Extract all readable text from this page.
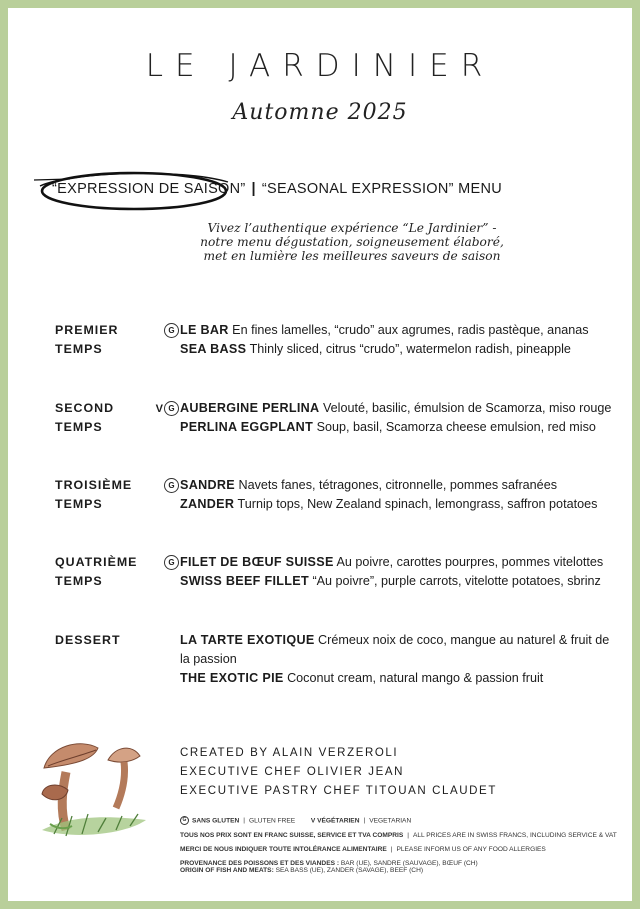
LE JARDINIER
Automne 2025
“EXPRESSION DE SAISON” | “SEASONAL EXPRESSION” MENU
Vivez l’authentique expérience “Le Jardinier” -
notre menu dégustation, soigneusement élaboré,
met en lumière les meilleures saveurs de saison
PREMIER
TEMPS
G LE BAR En fines lamelles, “crudo” aux agrumes, radis pastèque, ananas
SEA BASS Thinly sliced, citrus “crudo”, watermelon radish, pineapple
SECOND
TEMPS
V G AUBERGINE PERLINA Velouté, basilic, émulsion de Scamorza, miso rouge
PERLINA EGGPLANT Soup, basil, Scamorza cheese emulsion, red miso
TROISIÈME
TEMPS
G SANDRE Navets fanes, tétragones, citronnelle, pommes safranées
ZANDER Turnip tops, New Zealand spinach, lemongrass, saffron potatoes
QUATRIÈME
TEMPS
G FILET DE BŒUF SUISSE Au poivre, carottes pourpres, pommes vitelottes
SWISS BEEF FILLET “Au poivre”, purple carrots, vitelotte potatoes, sbrinz
DESSERT	LA TARTE EXOTIQUE Crémeux noix de coco, mangue au naturel & fruit de la passion
THE EXOTIC PIE Coconut cream, natural mango & passion fruit
CREATED BY ALAIN VERZEROLI
EXECUTIVE CHEF OLIVIER JEAN
EXECUTIVE PASTRY CHEF TITOUAN CLAUDET
G SANS GLUTEN | GLUTEN FREE V VÉGÉTARIEN | VEGETARIAN
TOUS NOS PRIX SONT EN FRANC SUISSE, SERVICE ET TVA COMPRIS | ALL PRICES ARE IN SWISS FRANCS, INCLUDING SERVICE & VAT
MERCI DE NOUS INDIQUER TOUTE INTOLÉRANCE ALIMENTAIRE | PLEASE INFORM US OF ANY FOOD ALLERGIES
PROVENANCE DES POISSONS ET DES VIANDES : BAR (UE), SANDRE (SAUVAGE), BŒUF (CH)
ORIGIN OF FISH AND MEATS: SEA BASS (UE), ZANDER (SAVAGE), BEEF (CH)
